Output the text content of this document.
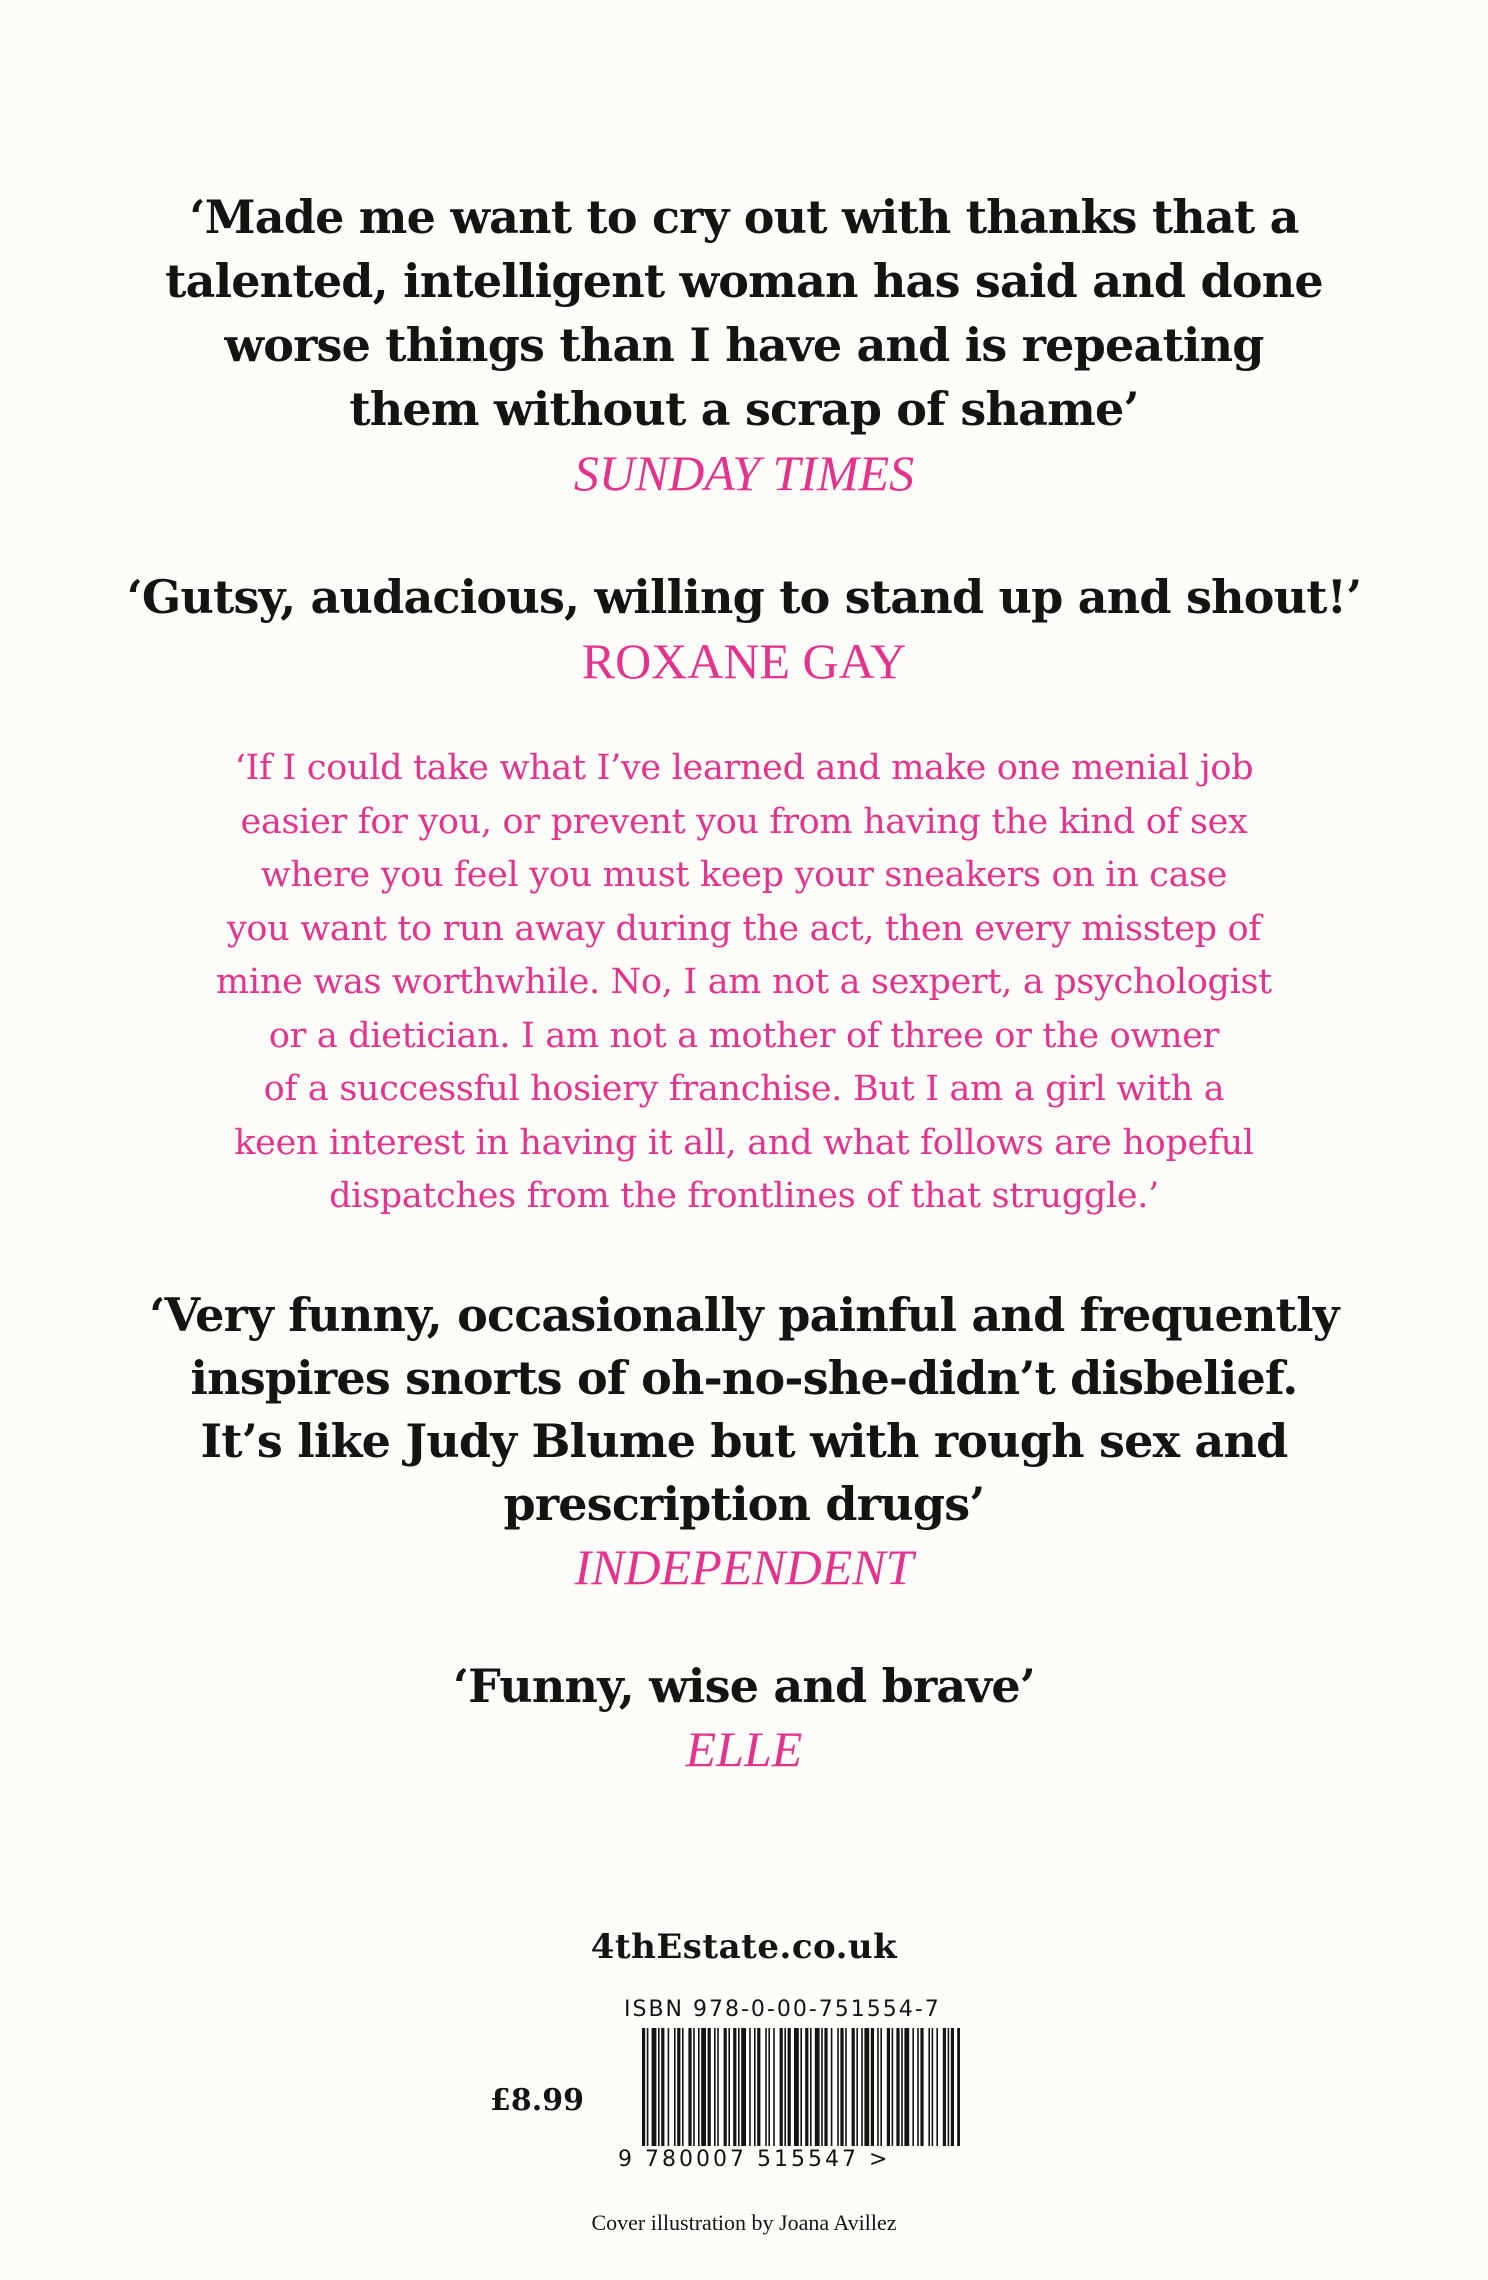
‘Made me want to cry out with thanks that a
talented, intelligent woman has said and done
worse things than I have and is repeating
them without a scrap of shame’
SUNDAY TIMES
‘Gutsy, audacious, willing to stand up and shout!’
ROXANE GAY
‘If I could take what I’ve learned and make one menial job
easier for you, or prevent you from having the kind of sex
where you feel you must keep your sneakers on in case
you want to run away during the act, then every misstep of
mine was worthwhile. No, I am not a sexpert, a psychologist
or a dietician. I am not a mother of three or the owner
of a successful hosiery franchise. But I am a girl with a
keen interest in having it all, and what follows are hopeful
dispatches from the frontlines of that struggle.’
‘Very funny, occasionally painful and frequently
inspires snorts of oh-no-she-didn’t disbelief.
It’s like Judy Blume but with rough sex and
prescription drugs’
INDEPENDENT
‘Funny, wise and brave’
ELLE
4thEstate.co.uk
ISBN 978-0-00-751554-7
£8.99
9 780007 515547 >
Cover illustration by Joana Avillez
